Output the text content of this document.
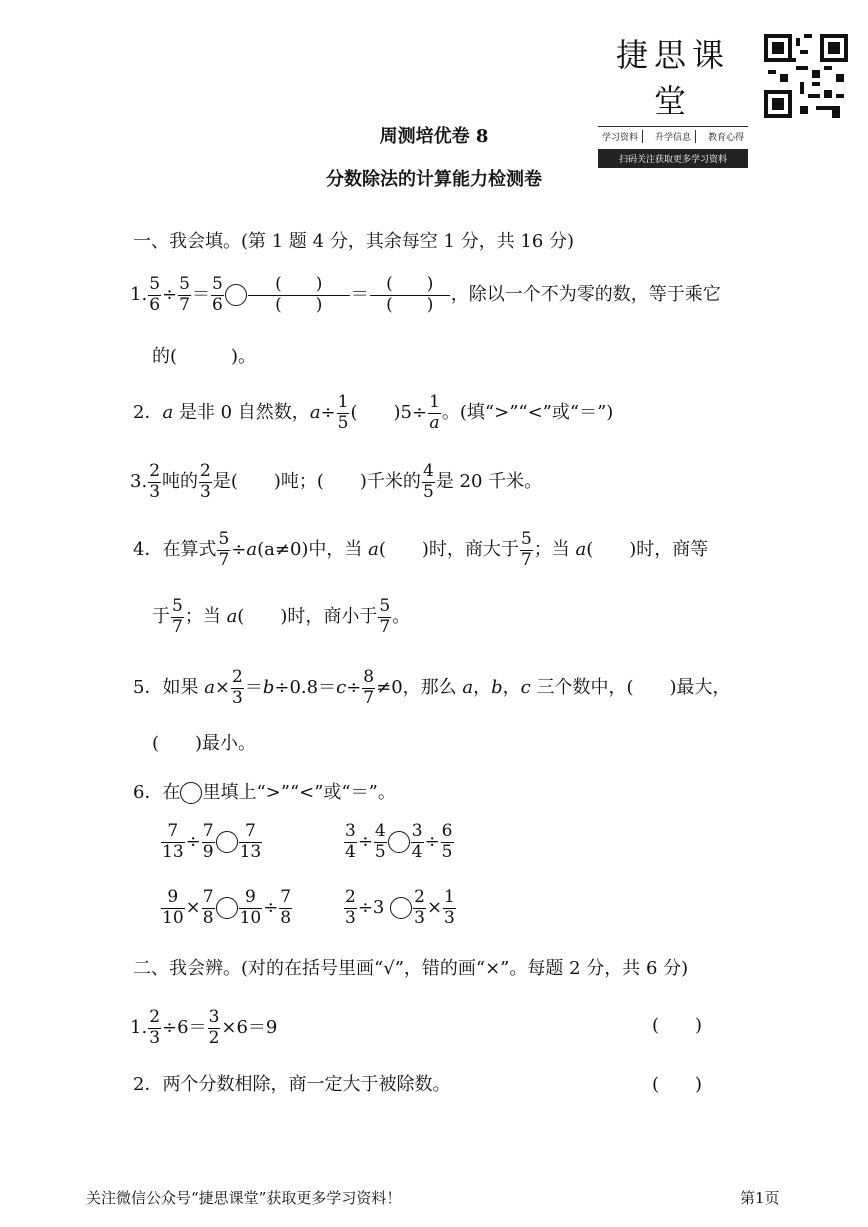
捷思课堂
学习资料	升学信息	教育心得
扫码关注获取更多学习资料
周测培优卷 8
分数除法的计算能力检测卷
一、我会填。(第 1 题 4 分，其余每空 1 分，共 16 分)
1. $\frac{5}{6} \div \frac{5}{7} = \frac{5}{6}$	(　　)
(　　)	＝
(　　)
(　　) ，除以一个不为零的数，等于乘它
的(　　　)。
2．a 是非 0 自然数，$a\div \frac{1}{5}$ (　　)$5\div \frac{1}{a}$ 。(填“>”“<”或“＝”)
3. $\frac{2}{3}$ 吨的 $\frac{2}{3}$ 是(　　)吨；(　　)千米的 $\frac{4}{5}$ 是 20 千米。
4．在算式 $\frac{5}{7} \div a(a\ne 0)$中，当 a(　　)时，商大于 $\frac{5}{7}$ ；当 a(　　)时，商等
于 $\frac{5}{7}$ ；当 a(　　)时，商小于 $\frac{5}{7}$ 。
5．如果 $a\times \frac{2}{3} =b\div 0.8=c\div \frac{8}{7} \ne 0$，那么 a，b，c 三个数中，(　　)最大，
(　　)最小。
6．在 里填上“>”“<”或“＝”。
$\frac{7}{13} \div \frac{7}{9} \frac{7}{13}$	$\frac{3}{4} \div \frac{4}{5} \frac{3}{4} \div \frac{6}{5}$
$\frac{9}{10} \times \frac{7}{8} \frac{9}{10} \div \frac{7}{8}$	$\frac{2}{3} \div 3 \frac{2}{3} \times \frac{1}{3}$
二、我会辨。(对的在括号里画“√”，错的画“×”。每题 2 分，共 6 分)
1. $\frac{2}{3} \div 6= \frac{3}{2} \times 6=9$	(　　)
2．两个分数相除，商一定大于被除数。	(　　)
关注微信公众号“捷思课堂”获取更多学习资料！	第1页
